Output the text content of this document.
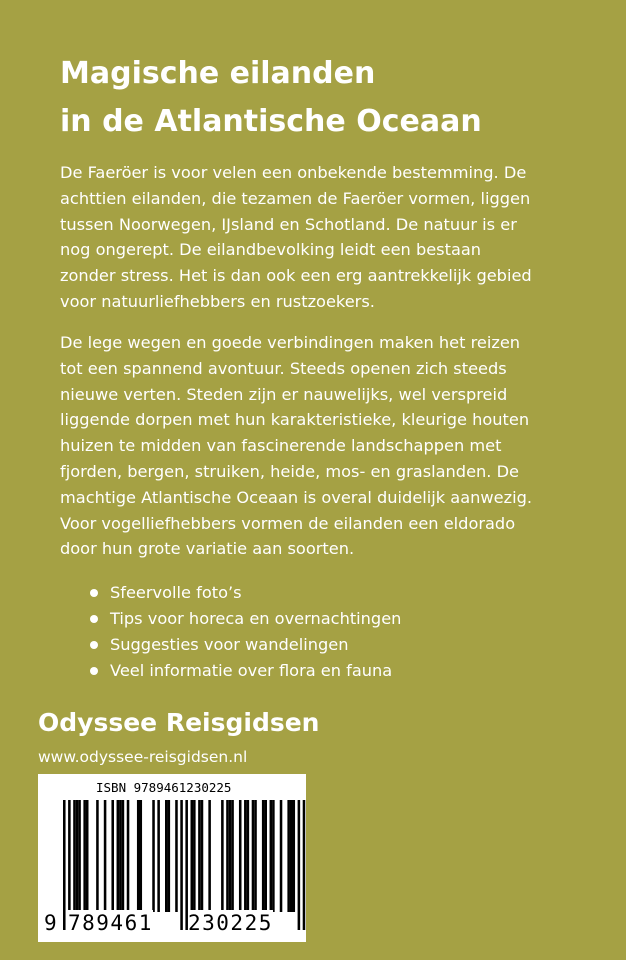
Magische eilanden
in de Atlantische Oceaan
De Faeröer is voor velen een onbekende bestemming. De
achttien eilanden, die tezamen de Faeröer vormen, liggen
tussen Noorwegen, IJsland en Schotland. De natuur is er
nog ongerept. De eilandbevolking leidt een bestaan
zonder stress. Het is dan ook een erg aantrekkelijk gebied
voor natuurliefhebbers en rustzoekers.
De lege wegen en goede verbindingen maken het reizen
tot een spannend avontuur. Steeds openen zich steeds
nieuwe verten. Steden zijn er nauwelijks, wel verspreid
liggende dorpen met hun karakteristieke, kleurige houten
huizen te midden van fascinerende landschappen met
fjorden, bergen, struiken, heide, mos- en graslanden. De
machtige Atlantische Oceaan is overal duidelijk aanwezig.
Voor vogelliefhebbers vormen de eilanden een eldorado
door hun grote variatie aan soorten.
Sfeervolle foto’s
Tips voor horeca en overnachtingen
Suggesties voor wandelingen
Veel informatie over flora en fauna
Odyssee Reisgidsen
www.odyssee-reisgidsen.nl
ISBN 9789461230225
9 789461 230225
